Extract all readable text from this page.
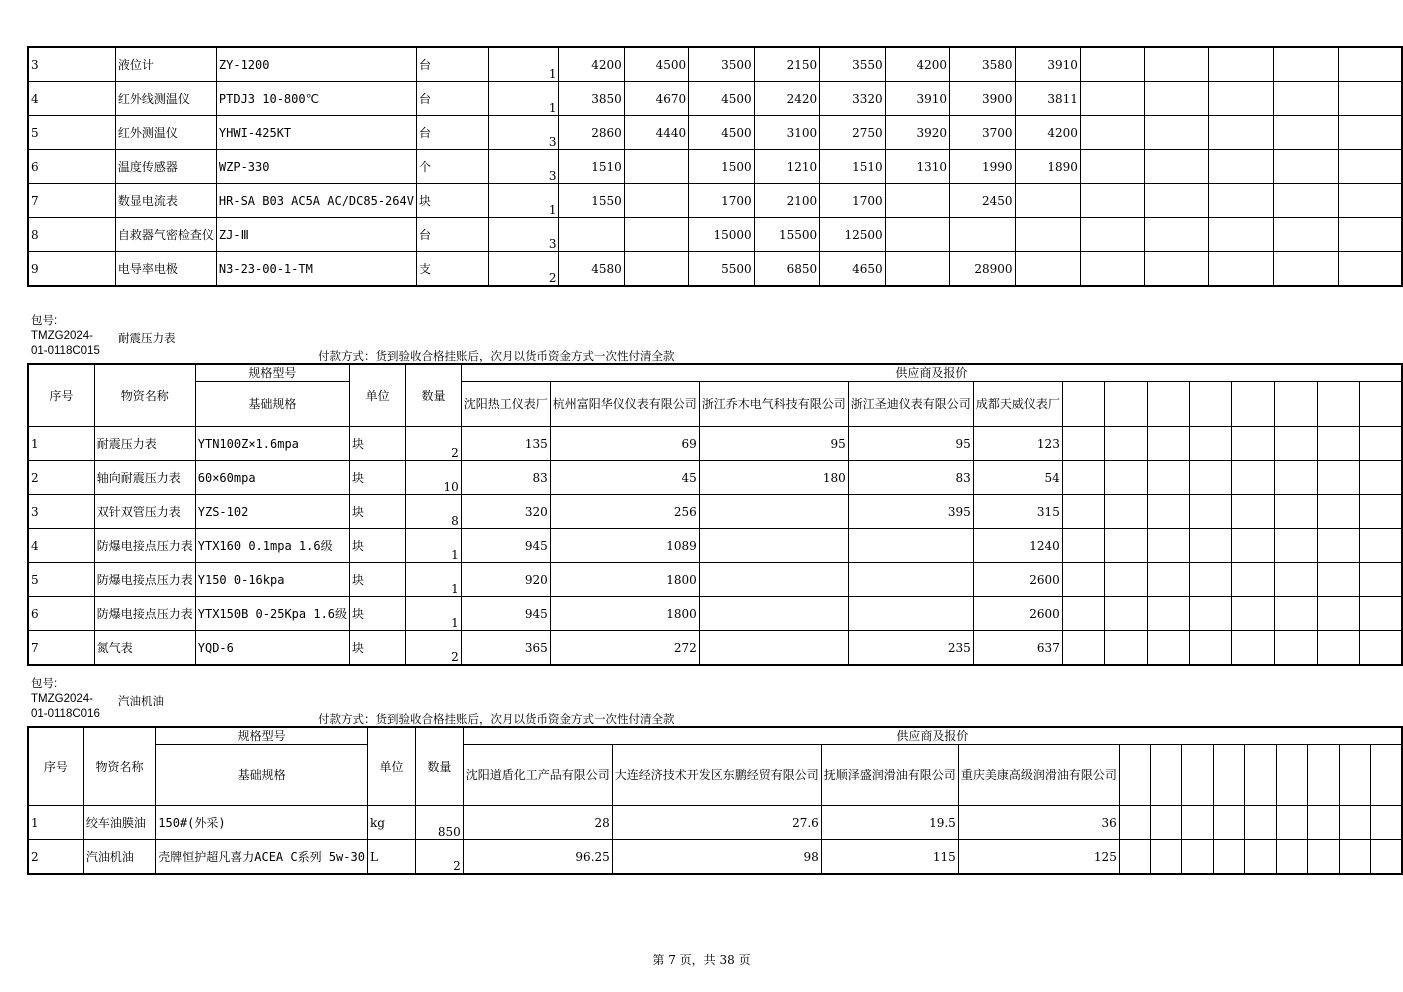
3	液位计	ZY-1200	台	1	4200	4500	3500	2150	3550	4200	3580	3910					
4	红外线测温仪	PTDJ3 10-800℃	台	1	3850	4670	4500	2420	3320	3910	3900	3811					
5	红外测温仪	YHWI-425KT	台	3	2860	4440	4500	3100	2750	3920	3700	4200					
6	温度传感器	WZP-330	个	3	1510		1500	1210	1510	1310	1990	1890					
7	数显电流表	HR-SA B03 AC5A AC/DC85-264V	块	1	1550		1700	2100	1700		2450						
8	自救器气密检查仪	ZJ-Ⅲ	台	3			15000	15500	12500								
9	电导率电极	N3-23-00-1-TM	支	2	4580		5500	6850	4650		28900						
包号:
TMZG2024-
01-0118C015
耐震压力表
付款方式：货到验收合格挂账后，次月以货币资金方式一次性付清全款
序号	物资名称	规格型号	单位	数量	供应商及报价												
		基础规格			沈阳热工仪表厂	杭州富阳华仪仪表有限公司	浙江乔木电气科技有限公司	浙江圣迪仪表有限公司	成都天威仪表厂								
1	耐震压力表	YTN100Z×1.6mpa	块	2	135	69	95	95	123								
2	轴向耐震压力表	60×60mpa	块	10	83	45	180	83	54								
3	双针双管压力表	YZS-102	块	8	320	256		395	315								
4	防爆电接点压力表	YTX160 0.1mpa 1.6级	块	1	945	1089			1240								
5	防爆电接点压力表	Y150 0-16kpa	块	1	920	1800			2600								
6	防爆电接点压力表	YTX150B 0-25Kpa 1.6级	块	1	945	1800			2600								
7	氮气表	YQD-6	块	2	365	272		235	637								
包号:
TMZG2024-
01-0118C016
汽油机油
付款方式：货到验收合格挂账后，次月以货币资金方式一次性付清全款
序号	物资名称	规格型号	单位	数量	供应商及报价												
		基础规格			沈阳道盾化工产品有限公司	大连经济技术开发区东鹏经贸有限公司	抚顺泽盛润滑油有限公司	重庆美康高级润滑油有限公司									
1	绞车油膜油	150#(外采)	kg	850	28	27.6	19.5	36									
2	汽油机油	壳牌恒护超凡喜力ACEA C系列 5w-30	L	2	96.25	98	115	125									
第 7 页，共 38 页
